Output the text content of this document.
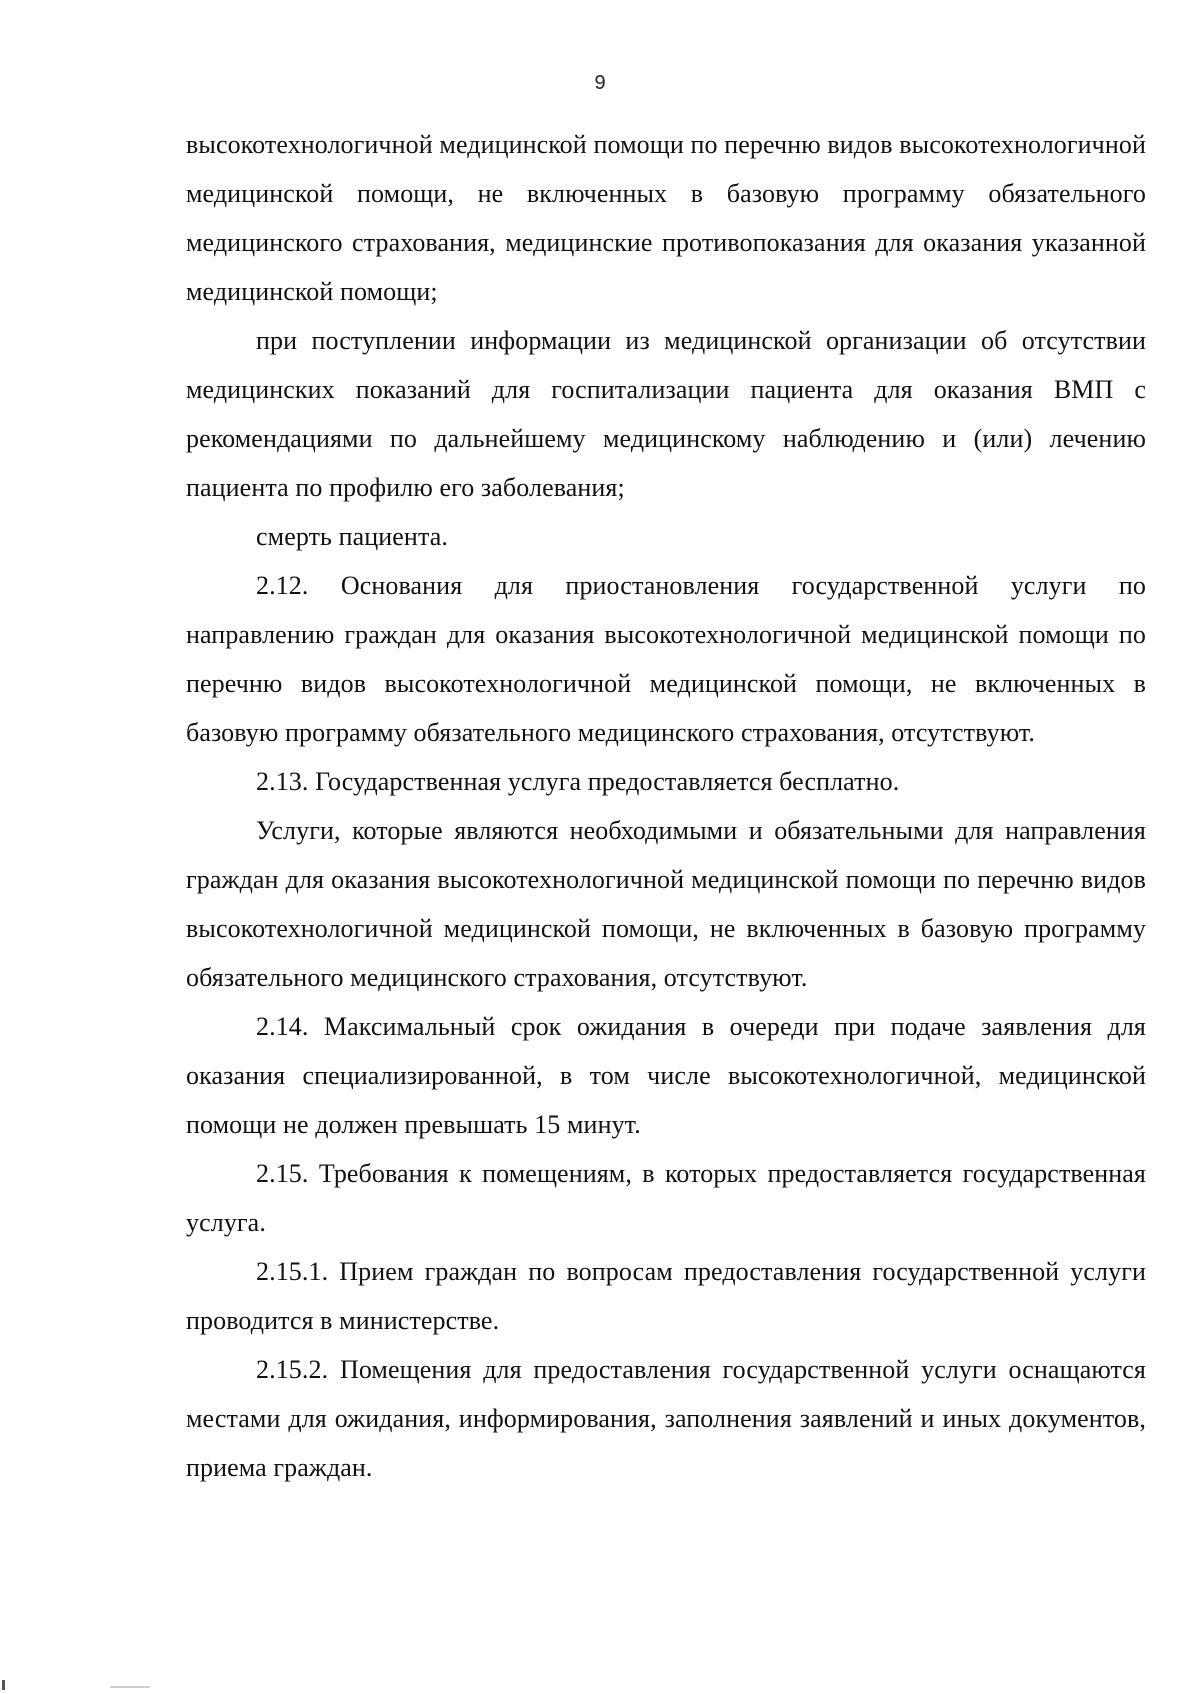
9

высокотехнологичной медицинской помощи по перечню видов высокотехнологичной медицинской помощи, не включенных в базовую программу обязательного медицинского страхования, медицинские противопоказания для оказания указанной медицинской помощи;

при поступлении информации из медицинской организации об отсутствии медицинских показаний для госпитализации пациента для оказания ВМП с рекомендациями по дальнейшему медицинскому наблюдению и (или) лечению пациента по профилю его заболевания;

смерть пациента.

2.12. Основания для приостановления государственной услуги по направлению граждан для оказания высокотехнологичной медицинской помощи по перечню видов высокотехнологичной медицинской помощи, не включенных в базовую программу обязательного медицинского страхования, отсутствуют.

2.13. Государственная услуга предоставляется бесплатно.

Услуги, которые являются необходимыми и обязательными для направления граждан для оказания высокотехнологичной медицинской помощи по перечню видов высокотехнологичной медицинской помощи, не включенных в базовую программу обязательного медицинского страхования, отсутствуют.

2.14. Максимальный срок ожидания в очереди при подаче заявления для оказания специализированной, в том числе высокотехнологичной, медицинской помощи не должен превышать 15 минут.

2.15. Требования к помещениям, в которых предоставляется государственная услуга.

2.15.1. Прием граждан по вопросам предоставления государственной услуги проводится в министерстве.

2.15.2. Помещения для предоставления государственной услуги оснащаются местами для ожидания, информирования, заполнения заявлений и иных документов, приема граждан.
